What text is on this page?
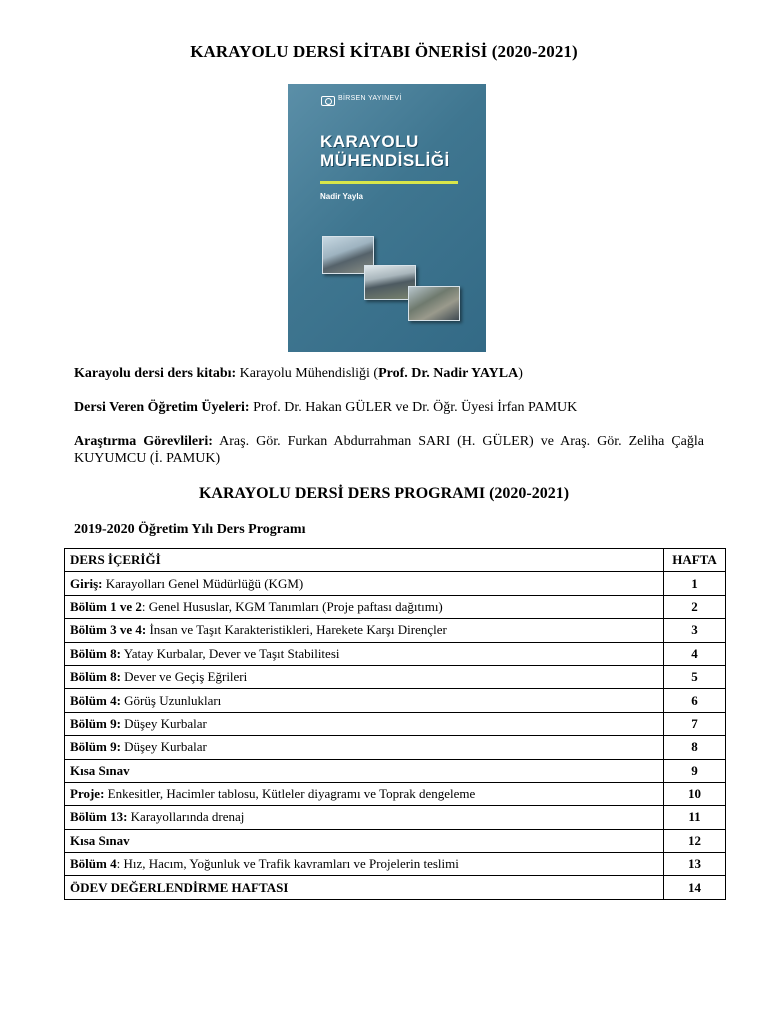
KARAYOLU DERSİ KİTABI ÖNERİSİ (2020-2021)
BİRSEN YAYINEVİ
KARAYOLU
MÜHENDİSLİĞİ
Nadir Yayla
Karayolu dersi ders kitabı: Karayolu Mühendisliği (Prof. Dr. Nadir YAYLA)
Dersi Veren Öğretim Üyeleri: Prof. Dr. Hakan GÜLER ve Dr. Öğr. Üyesi İrfan PAMUK
Araştırma Görevlileri: Araş. Gör. Furkan Abdurrahman SARI (H. GÜLER) ve Araş. Gör. Zeliha Çağla KUYUMCU (İ. PAMUK)
KARAYOLU DERSİ DERS PROGRAMI (2020-2021)
2019-2020 Öğretim Yılı Ders Programı
DERS İÇERİĞİ	HAFTA
Giriş: Karayolları Genel Müdürlüğü (KGM)	1
Bölüm 1 ve 2: Genel Hususlar, KGM Tanımları (Proje paftası dağıtımı)	2
Bölüm 3 ve 4: İnsan ve Taşıt Karakteristikleri, Harekete Karşı Dirençler	3
Bölüm 8: Yatay Kurbalar, Dever ve Taşıt Stabilitesi	4
Bölüm 8: Dever ve Geçiş Eğrileri	5
Bölüm 4: Görüş Uzunlukları	6
Bölüm 9: Düşey Kurbalar	7
Bölüm 9: Düşey Kurbalar	8
Kısa Sınav	9
Proje: Enkesitler, Hacimler tablosu, Kütleler diyagramı ve Toprak dengeleme	10
Bölüm 13: Karayollarında drenaj	11
Kısa Sınav	12
Bölüm 4: Hız, Hacım, Yoğunluk ve Trafik kavramları ve Projelerin teslimi	13
ÖDEV DEĞERLENDİRME HAFTASI	14
